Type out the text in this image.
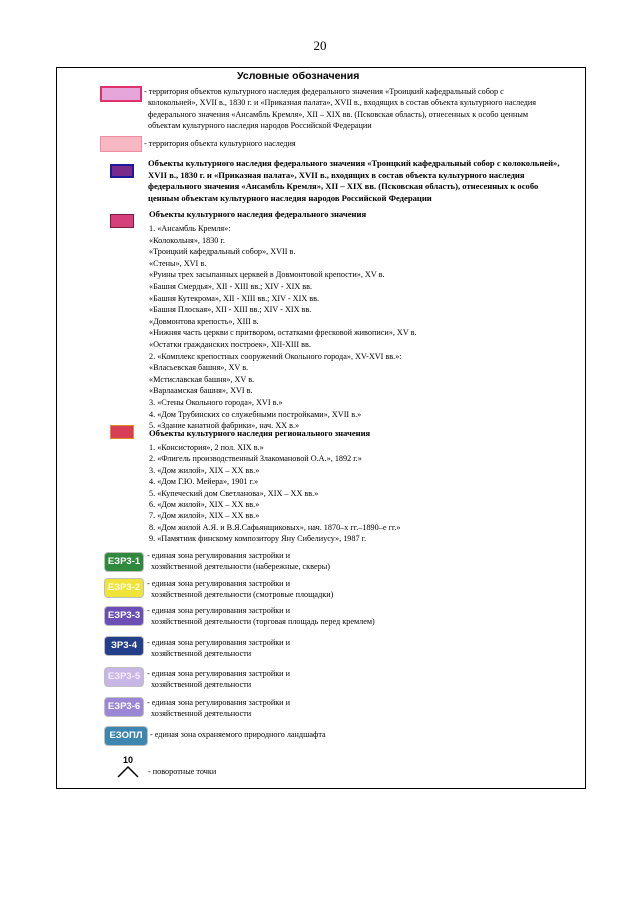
20
Условные обозначения
- территория объектов культурного наследия федерального значения «Троицкий кафедральный собор с
колокольней», XVII в., 1830 г. и «Приказная палата», XVII в., входящих в состав объекта культурного наследия
федерального значения «Ансамбль Кремля», XII – XIX вв. (Псковская область), отнесенных к особо ценным
объектам культурного наследия народов Российской Федерации
- территория объекта культурного наследия
Объекты культурного наследия федерального значения «Троицкий кафедральный собор с колокольней»,
XVII в., 1830 г. и «Приказная палата», XVII в., входящих в состав объекта культурного наследия
федерального значения «Ансамбль Кремля», XII – XIX вв. (Псковская область), отнесенных к особо
ценным объектам культурного наследия народов Российской Федерации
Объекты культурного наследия федерального значения
1. «Ансамбль Кремля»:
«Колокольня», 1830 г.
«Троицкий кафедральный собор», XVII в.
«Стены», XVI в.
«Руины трех засыпанных церквей в Довмонтовой крепости», XV в.
«Башня Смердья», XII - XIII вв.; XIV - XIX вв.
«Башня Кутекрома», XII - XIII вв.; XIV - XIX вв.
«Башня Плоская», XII - XIII вв.; XIV - XIX вв.
«Довмонтова крепость», XIII в.
«Нижняя часть церкви с притвором, остатками фресковой живописи», XV в.
«Остатки гражданских построек», XII-XIII вв.
2. «Комплекс крепостных сооружений Окольного города», XV-XVI вв.»:
«Власьевская башня», XV в.
«Мстиславская башня», XV в.
«Варлаамская башня», XVI в.
3. «Стены Окольного города», XVI в.»
4. «Дом Трубинских со служебными постройками», XVII в.»
5. «Здание канатной фабрики», нач. XX в.»
Объекты культурного наследия регионального значения
1. «Консистория», 2 пол. XIX в.»
2. «Флигель производственный Злакомановой О.А.», 1892 г.»
3. «Дом жилой», XIX – XX вв.»
4. «Дом Г.Ю. Мейера», 1901 г.»
5. «Купеческий дом Светланова», XIX – XX вв.»
6. «Дом жилой», XIX – XX вв.»
7. «Дом жилой», XIX – XX вв.»
8. «Дом жилой А.Я. и В.Я.Сафьянщиковых», нач. 1870–х гг.–1890–е гг.»
9. «Памятник финскому композитору Яну Сибелиусу», 1987 г.
ЕЗР3-1
- единая зона регулирования застройки и
хозяйственной деятельности (набережные, скверы)
ЕЗР3-2 - единая зона регулирования застройки и
хозяйственной деятельности (смотровые площадки)
ЕЗР3-3 - единая зона регулирования застройки и
хозяйственной деятельности (торговая площадь перед кремлем)
ЗР3-4	- единая зона регулирования застройки и
хозяйственной деятельности
ЕЗР3-5 - единая зона регулирования застройки и
хозяйственной деятельности
ЕЗР3-6 - единая зона регулирования застройки и
хозяйственной деятельности
ЕЗОПЛ - единая зона охраняемого природного ландшафта
10
- поворотные точки
